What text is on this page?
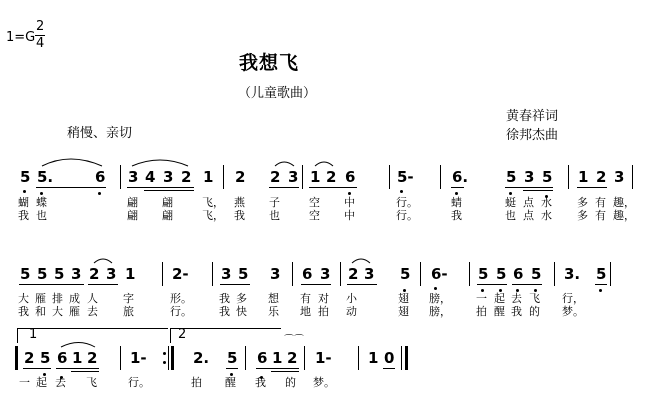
1=G
2
4
我想飞
（儿童歌曲）
黄春祥词
徐邦杰曲
稍慢、亲切
5 5.	6 3 4 3 2 1 2 2 3 1 2 6	5-	6.	5 3 5 1 2 3
蝴 蝶	翩 翩	飞， 燕 子	空 中	行。	蜻	蜓 点 水 多 有 趣，
我 也	翩 翩	飞， 我 也	空 中	行。	我	也 点 水 多 有 趣，
5 5 5 3 2 3 1 2- 3 5 3 6 3 2 3 5 6- 5 5 6 5 3. 5
大 雁 排 成 人 字	形。 我 多 想 有 对 小	翅 膀， 一 起 去 飞 行，
我 和 大 雁 去 旅	行。 我 快 乐 地 拍 动	翅 膀， 拍 醒 我 的 梦。
1	2
2 5 6 1 2 1-	2. 5 6 1 2 1- 1 0
⌒⌒
一 起 去 飞	行。	拍 醒 我 的 梦。
